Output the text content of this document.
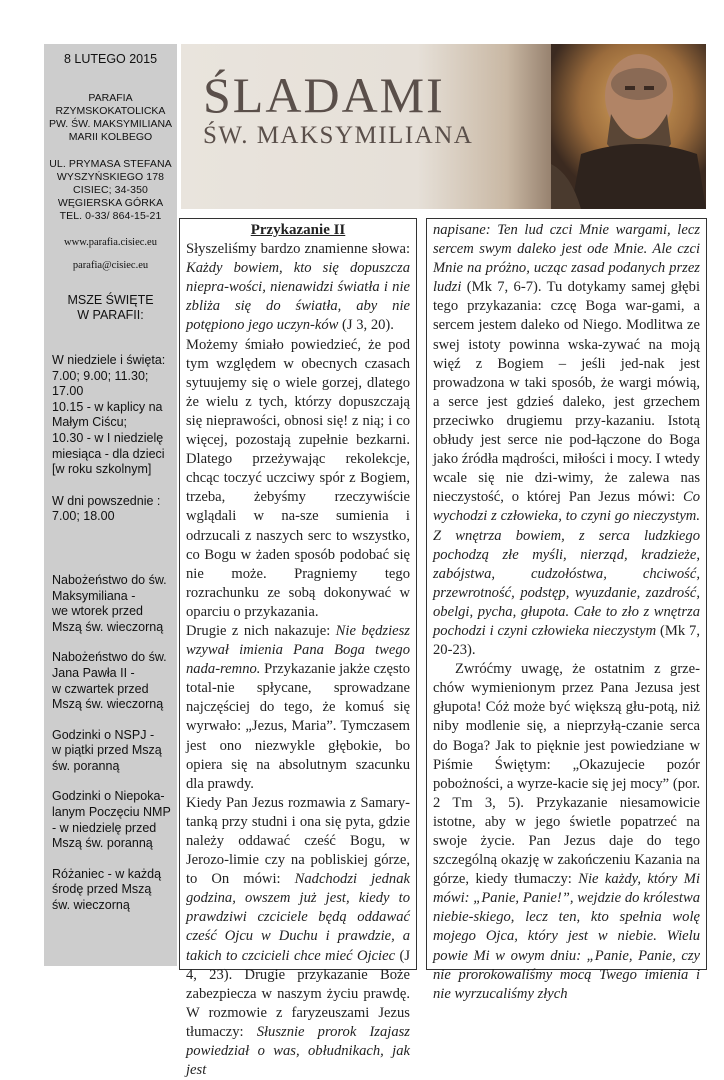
8 LUTEGO 2015
PARAFIA
RZYMSKOKATOLICKA
PW. ŚW. MAKSYMILIANA
MARII KOLBEGO
UL. PRYMASA STEFANA
WYSZYŃSKIEGO 178
CISIEC; 34-350
WĘGIERSKA GÓRKA
TEL. 0-33/ 864-15-21
www.parafia.cisiec.eu
parafia@cisiec.eu
MSZE ŚWIĘTE
W PARAFII:
W niedziele i święta:
7.00; 9.00; 11.30;
17.00
10.15 - w kaplicy na
Małym Ciścu;
10.30 - w I niedzielę
miesiąca - dla dzieci
[w roku szkolnym]
W dni powszednie :
7.00; 18.00
Nabożeństwo do św.
Maksymiliana -
we wtorek przed
Mszą św. wieczorną
Nabożeństwo do św.
Jana Pawła II -
w czwartek przed
Mszą św. wieczorną
Godzinki o NSPJ -
w piątki przed Mszą
św. poranną
Godzinki o Niepoka-
lanym Poczęciu NMP
- w niedzielę przed
Mszą św. poranną
Różaniec - w każdą
środę przed Mszą
św. wieczorną
ŚLADAMI
ŚW. MAKSYMILIANA
Przykazanie II

Słyszeliśmy bardzo znamienne słowa: Każdy bowiem, kto się dopuszcza niepra-wości, nienawidzi światła i nie zbliża się do światła, aby nie potępiono jego uczyn-ków (J 3, 20).

Możemy śmiało powiedzieć, że pod tym względem w obecnych czasach sytuujemy się o wiele gorzej, dlatego że wielu z tych, którzy dopuszczają się nieprawości, obnosi się! z nią; i co więcej, pozostają zupełnie bezkarni. Dlatego przeżywając rekolekcje, chcąc toczyć uczciwy spór z Bogiem, trzeba, żebyśmy rzeczywiście wglądali w na-sze sumienia i odrzucali z naszych serc to wszystko, co Bogu w żaden sposób podobać się nie może. Pragniemy tego rozrachunku ze sobą dokonywać w oparciu o przykazania.

Drugie z nich nakazuje: Nie będziesz wzywał imienia Pana Boga twego nada-remno. Przykazanie jakże często total-nie spłycane, sprowadzane najczęściej do tego, że komuś się wyrwało: „Jezus, Maria”. Tymczasem jest ono niezwykle głębokie, bo opiera się na absolutnym szacunku dla prawdy.

Kiedy Pan Jezus rozmawia z Samary-tanką przy studni i ona się pyta, gdzie należy oddawać cześć Bogu, w Jerozo-limie czy na pobliskiej górze, to On mówi: Nadchodzi jednak godzina, owszem już jest, kiedy to prawdziwi czciciele będą oddawać cześć Ojcu w Duchu i prawdzie, a takich to czcicieli chce mieć Ojciec (J 4, 23). Drugie przykazanie Boże zabezpiecza w naszym życiu prawdę. W rozmowie z faryzeuszami Jezus tłumaczy: Słusznie prorok Izajasz powiedział o was, obłudnikach, jak jest

napisane: Ten lud czci Mnie wargami, lecz sercem swym daleko jest ode Mnie. Ale czci Mnie na próżno, ucząc zasad podanych przez ludzi (Mk 7, 6-7). Tu dotykamy samej głębi tego przykazania: czcę Boga war-gami, a sercem jestem daleko od Niego. Modlitwa ze swej istoty powinna wska-zywać na moją więź z Bogiem – jeśli jed-nak jest prowadzona w taki sposób, że wargi mówią, a serce jest gdzieś daleko, jest grzechem przeciwko drugiemu przy-kazaniu. Istotą obłudy jest serce nie pod-łączone do Boga jako źródła mądrości, miłości i mocy. I wtedy wcale się nie dzi-wimy, że zalewa nas nieczystość, o której Pan Jezus mówi: Co wychodzi z człowieka, to czyni go nieczystym. Z wnętrza bowiem, z serca ludzkiego pochodzą złe myśli, nierząd, kradzieże, zabójstwa, cudzołóstwa, chciwość, przewrotność, podstęp, wyuzdanie, zazdrość, obelgi, pycha, głupota. Całe to zło z wnętrza pochodzi i czyni człowieka nieczystym (Mk 7, 20-23).

Zwróćmy uwagę, że ostatnim z grze-chów wymienionym przez Pana Jezusa jest głupota! Cóż może być większą głu-potą, niż niby modlenie się, a nieprzyłą-czanie serca do Boga? Jak to pięknie jest powiedziane w Piśmie Świętym: „Okazujecie pozór pobożności, a wyrze-kacie się jej mocy” (por. 2 Tm 3, 5). Przykazanie niesamowicie istotne, aby w jego świetle popatrzeć na swoje życie. Pan Jezus daje do tego szczególną okazję w zakończeniu Kazania na górze, kiedy tłumaczy: Nie każdy, który Mi mówi: „Panie, Panie!”, wejdzie do królestwa niebie-skiego, lecz ten, kto spełnia wolę mojego Ojca, który jest w niebie. Wielu powie Mi w owym dniu: „Panie, Panie, czy nie prorokowaliśmy mocą Twego imienia i nie wyrzucaliśmy złych
